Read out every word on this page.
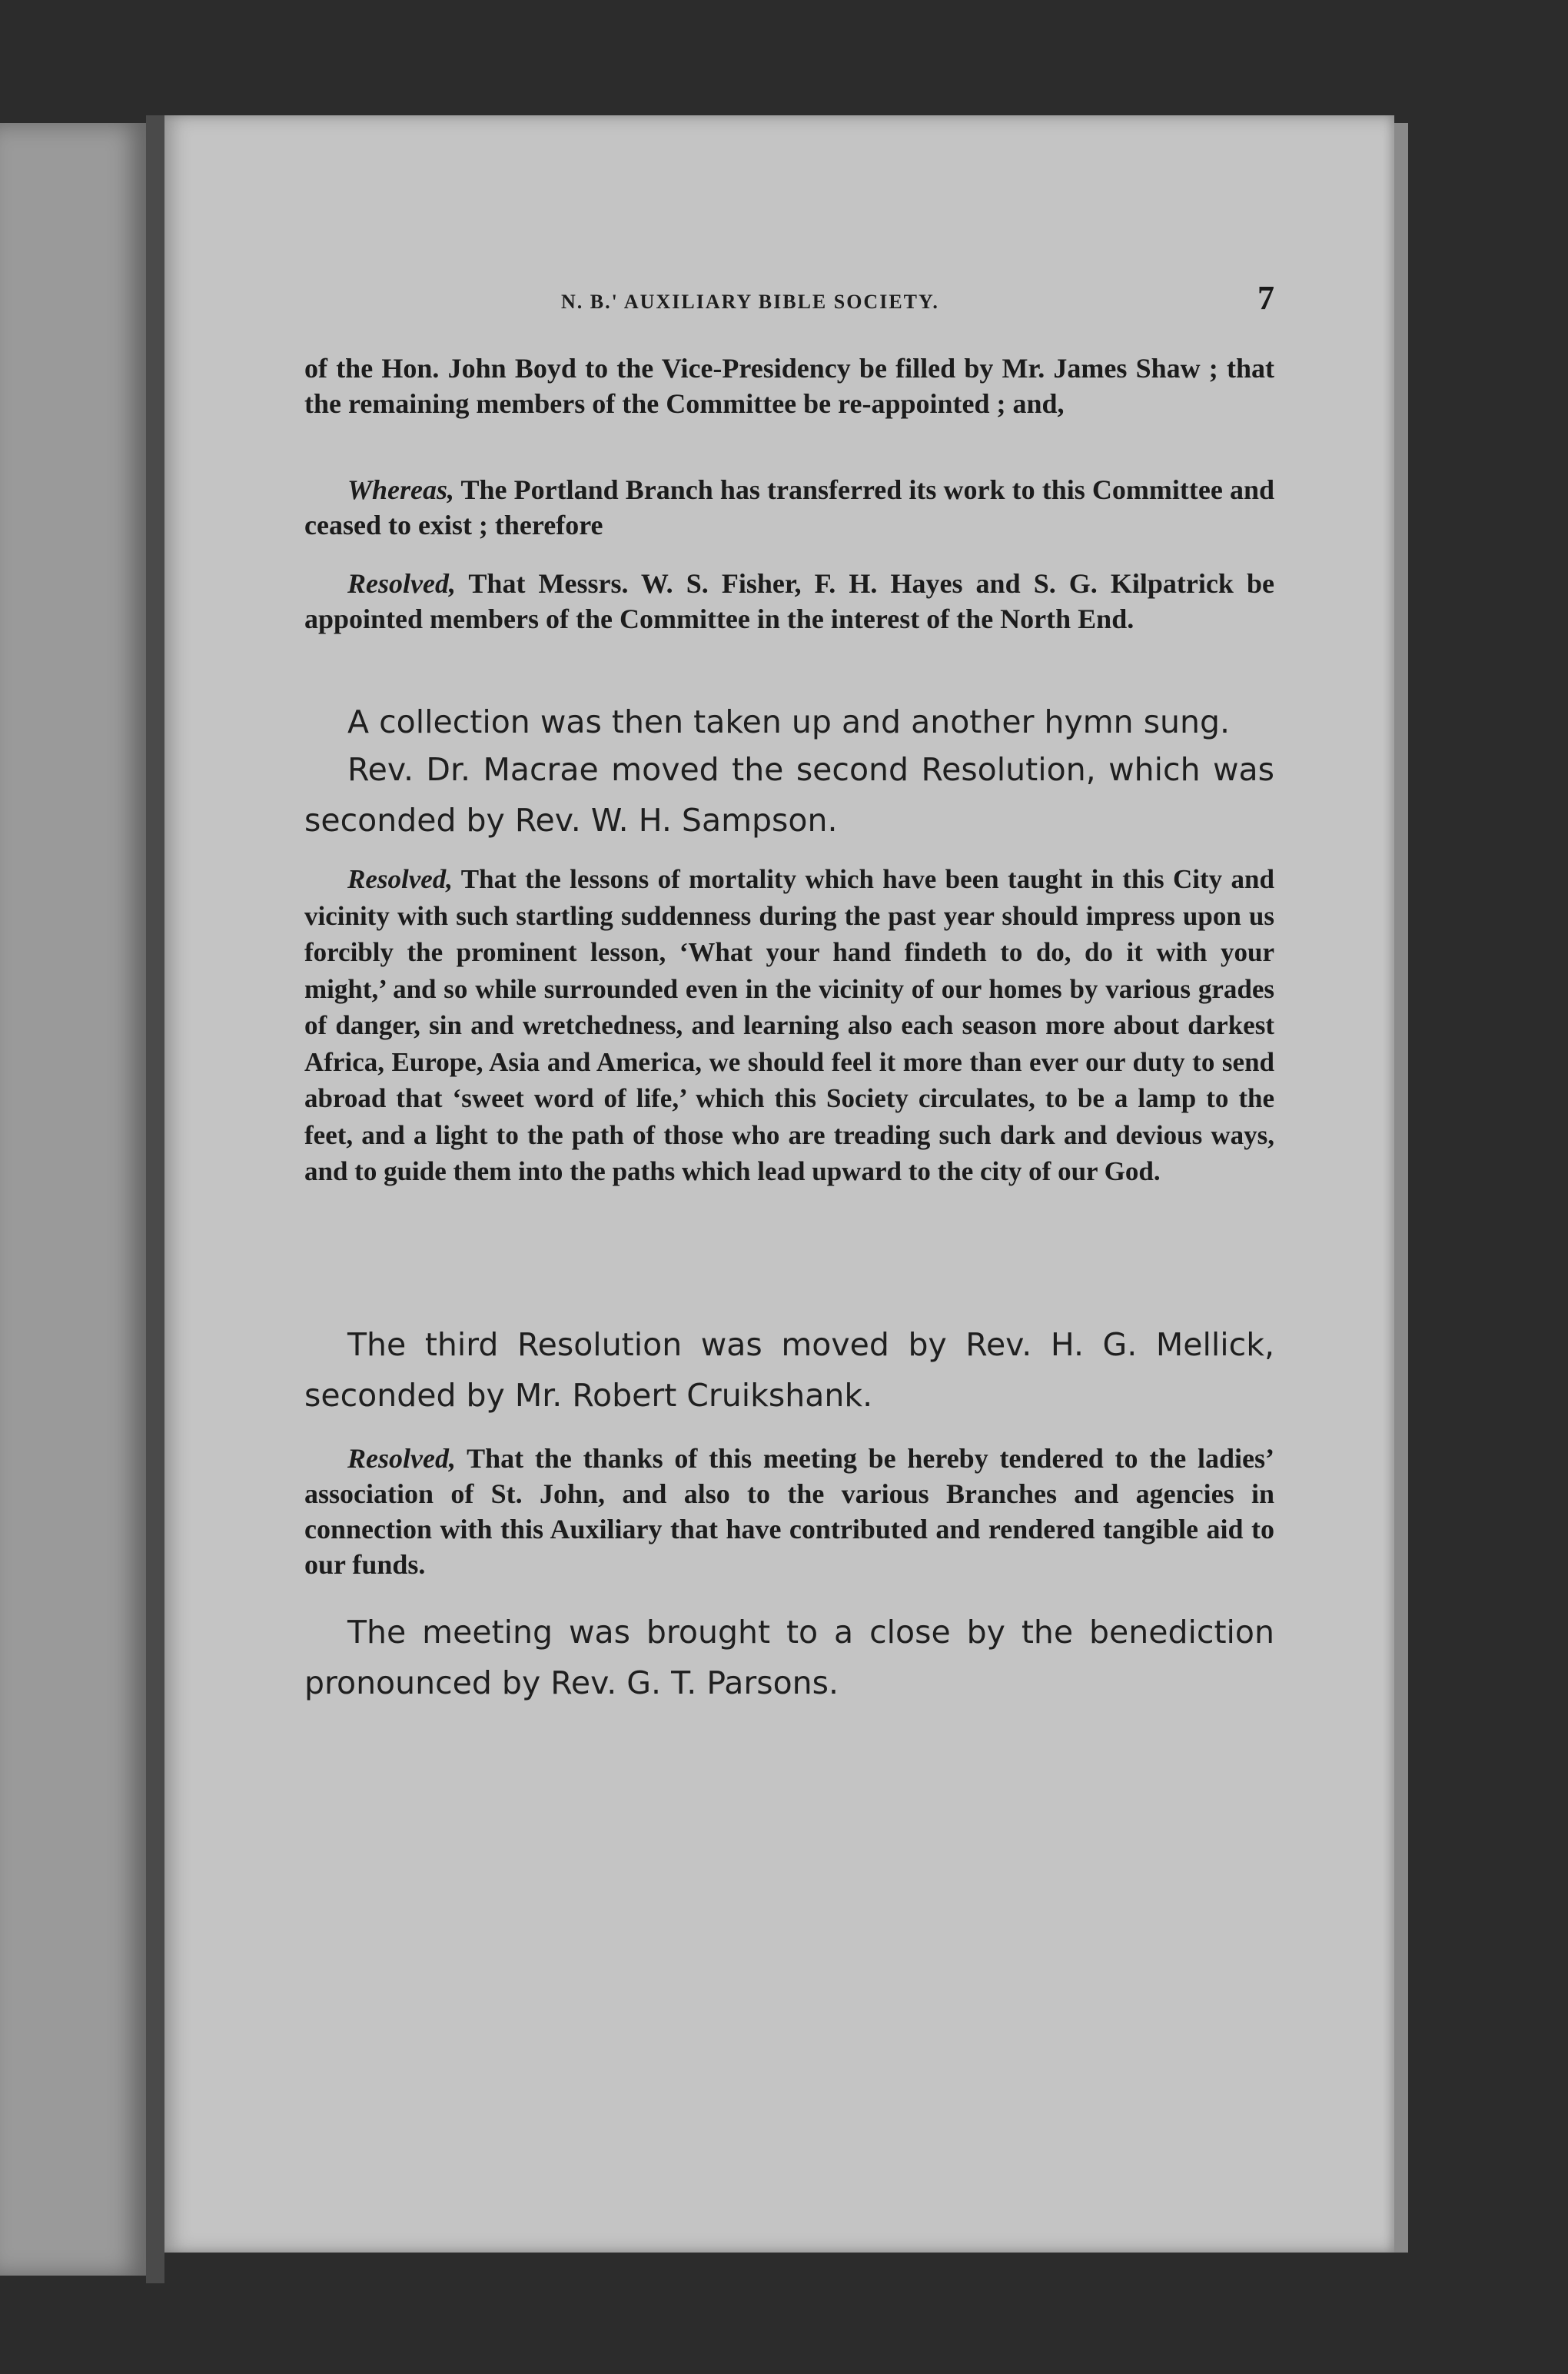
N. B.' AUXILIARY BIBLE SOCIETY.	7
of the Hon. John Boyd to the Vice-Presidency be filled by Mr. James Shaw ; that the remaining members of the Committee be re-appointed ; and,
Whereas, The Portland Branch has transferred its work to this Committee and ceased to exist ; therefore
Resolved, That Messrs. W. S. Fisher, F. H. Hayes and S. G. Kilpatrick be appointed members of the Committee in the interest of the North End.
A collection was then taken up and another hymn sung.
Rev. Dr. Macrae moved the second Resolution, which was seconded by Rev. W. H. Sampson.
Resolved, That the lessons of mortality which have been taught in this City and vicinity with such startling suddenness during the past year should impress upon us forcibly the prominent lesson, ‘What your hand findeth to do, do it with your might,’ and so while surrounded even in the vicinity of our homes by various grades of danger, sin and wretchedness, and learning also each season more about darkest Africa, Europe, Asia and America, we should feel it more than ever our duty to send abroad that ‘sweet word of life,’ which this Society circulates, to be a lamp to the feet, and a light to the path of those who are treading such dark and devious ways, and to guide them into the paths which lead upward to the city of our God.
The third Resolution was moved by Rev. H. G. Mellick, seconded by Mr. Robert Cruikshank.
Resolved, That the thanks of this meeting be hereby tendered to the ladies’ association of St. John, and also to the various Branches and agencies in connection with this Auxiliary that have contributed and rendered tangible aid to our funds.
The meeting was brought to a close by the benediction pronounced by Rev. G. T. Parsons.
